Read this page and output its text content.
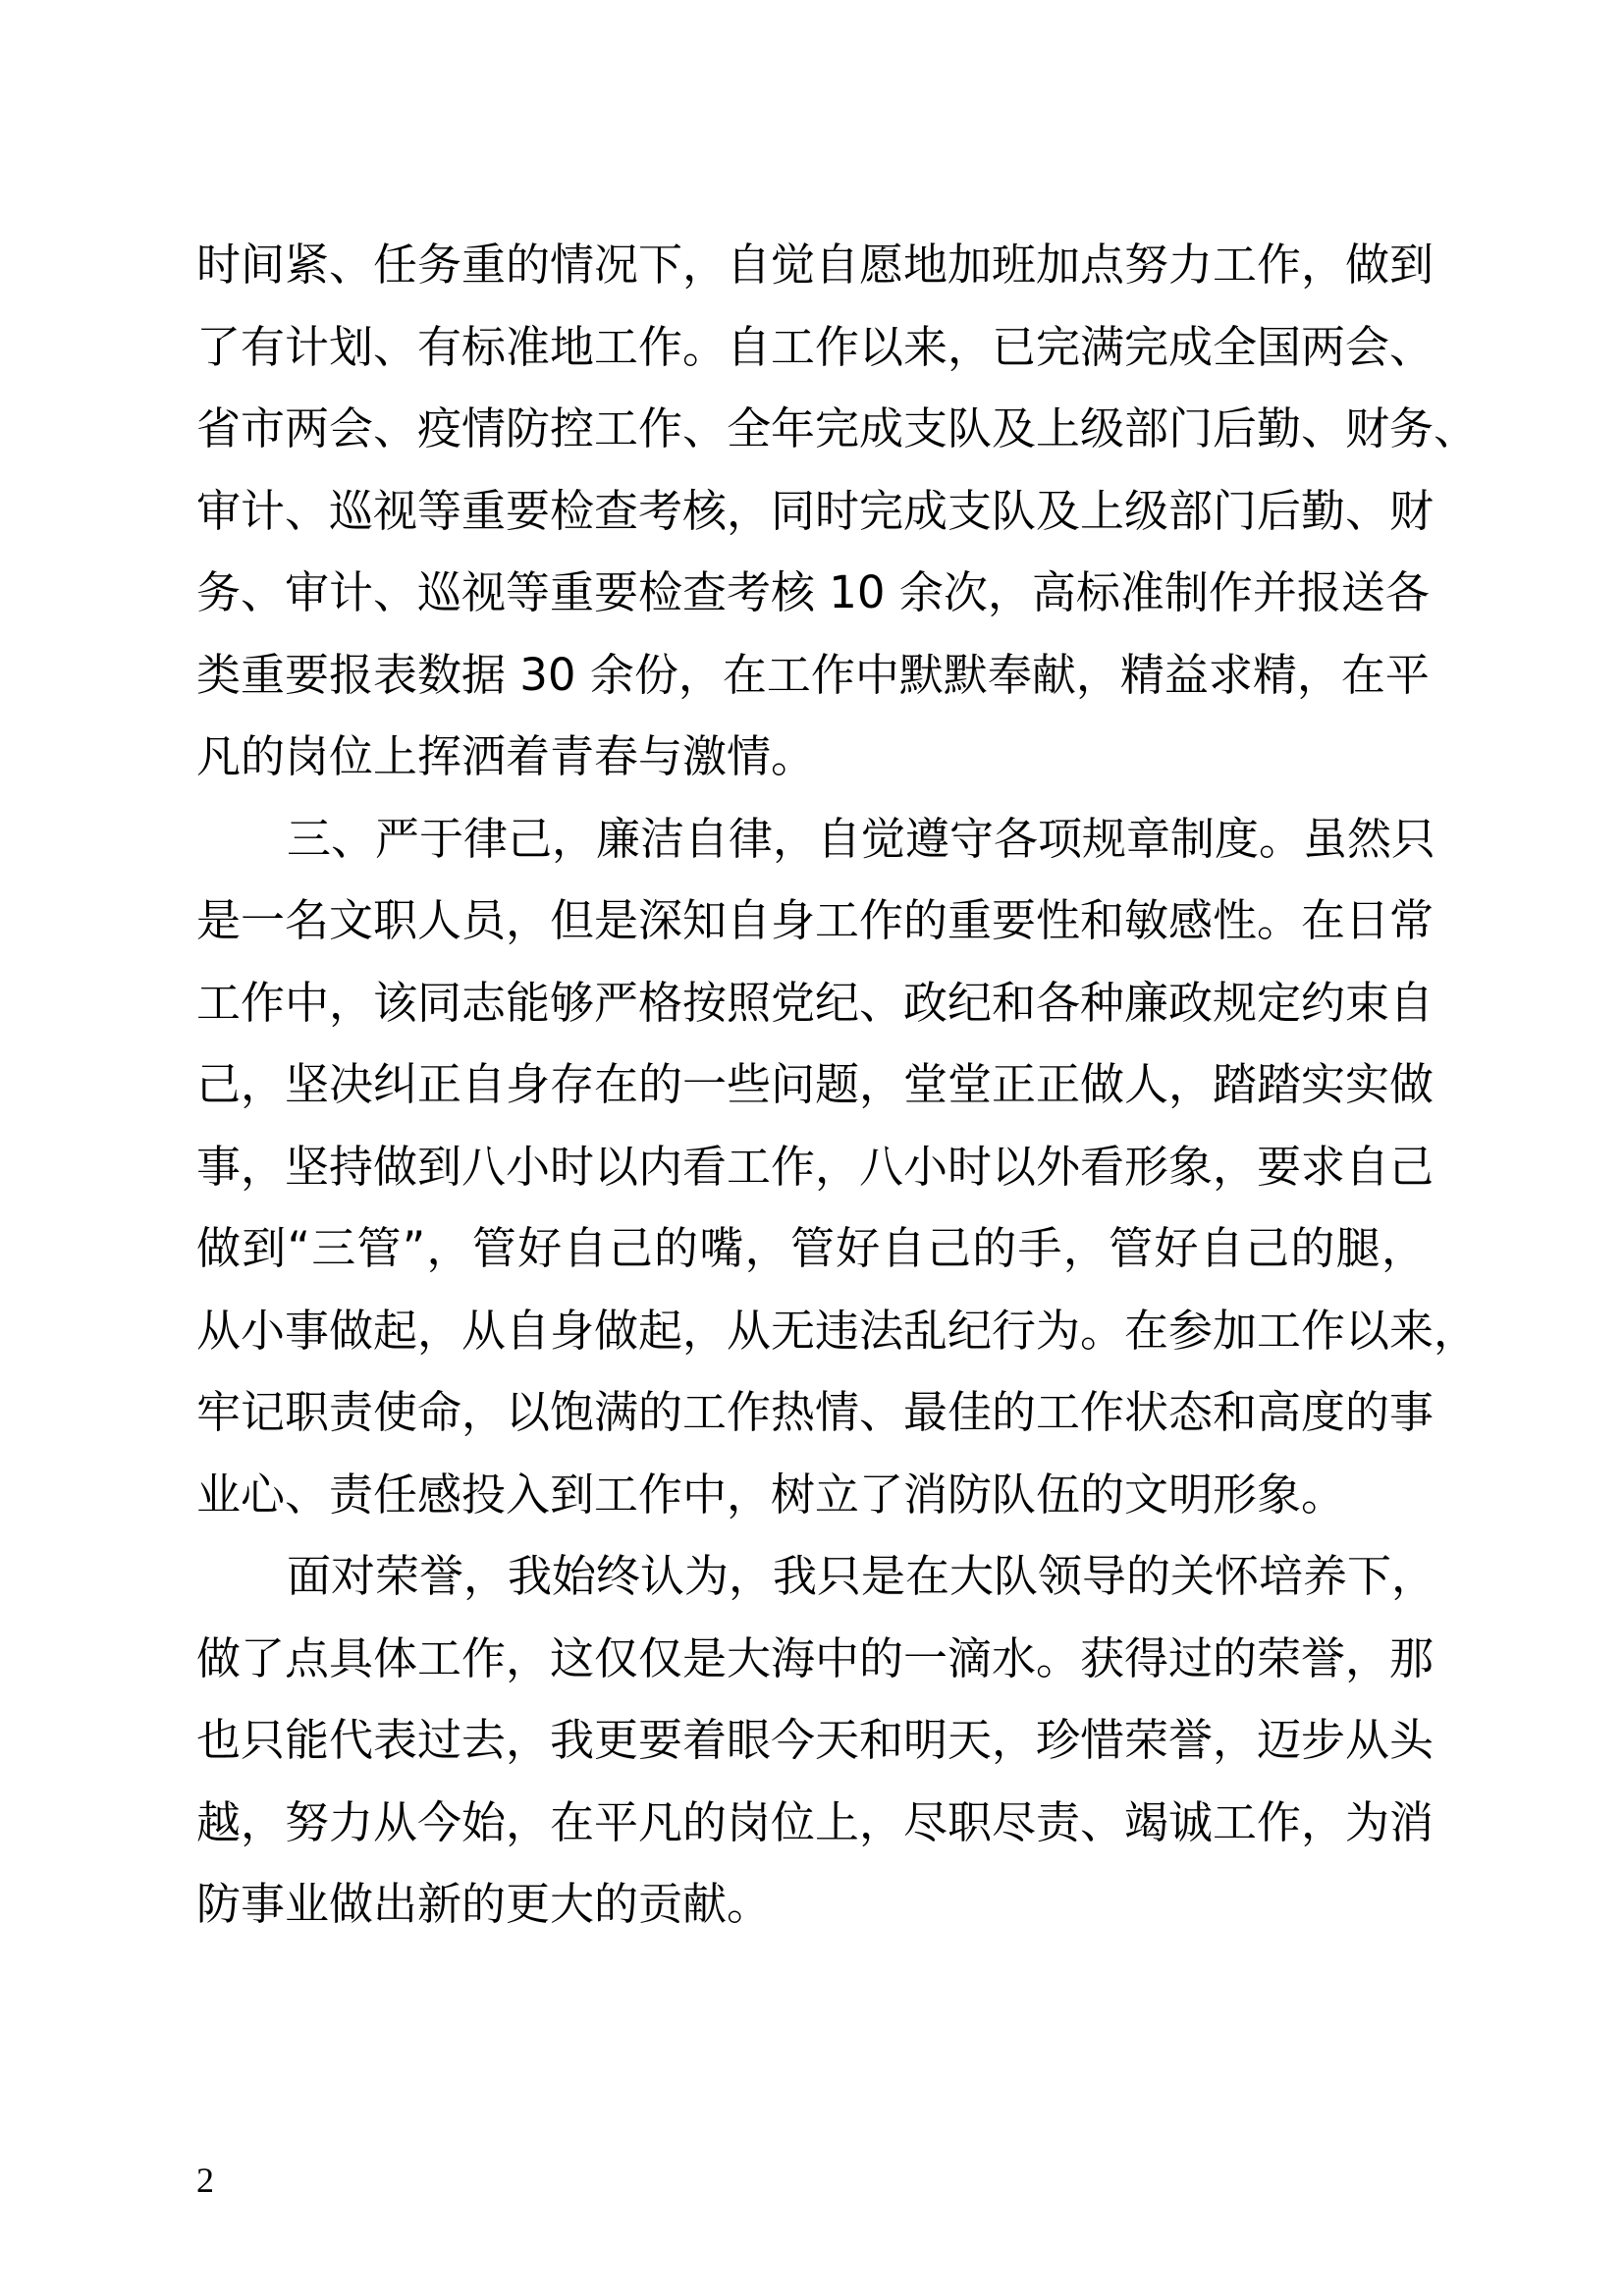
时间紧、任务重的情况下，自觉自愿地加班加点努力工作，做到
了有计划、有标准地工作。自工作以来，已完满完成全国两会、
省市两会、疫情防控工作、全年完成支队及上级部门后勤、财务、
审计、巡视等重要检查考核，同时完成支队及上级部门后勤、财
务、审计、巡视等重要检查考核 10 余次，高标准制作并报送各
类重要报表数据 30 余份，在工作中默默奉献，精益求精，在平
凡的岗位上挥洒着青春与激情。
三、严于律己，廉洁自律，自觉遵守各项规章制度。虽然只
是一名文职人员，但是深知自身工作的重要性和敏感性。在日常
工作中，该同志能够严格按照党纪、政纪和各种廉政规定约束自
己，坚决纠正自身存在的一些问题，堂堂正正做人，踏踏实实做
事，坚持做到八小时以内看工作，八小时以外看形象，要求自己
做到“三管”，管好自己的嘴，管好自己的手，管好自己的腿，
从小事做起，从自身做起，从无违法乱纪行为。在参加工作以来，
牢记职责使命，以饱满的工作热情、最佳的工作状态和高度的事
业心、责任感投入到工作中，树立了消防队伍的文明形象。
面对荣誉，我始终认为，我只是在大队领导的关怀培养下，
做了点具体工作，这仅仅是大海中的一滴水。获得过的荣誉，那
也只能代表过去，我更要着眼今天和明天，珍惜荣誉，迈步从头
越，努力从今始，在平凡的岗位上，尽职尽责、竭诚工作，为消
防事业做出新的更大的贡献。
2
